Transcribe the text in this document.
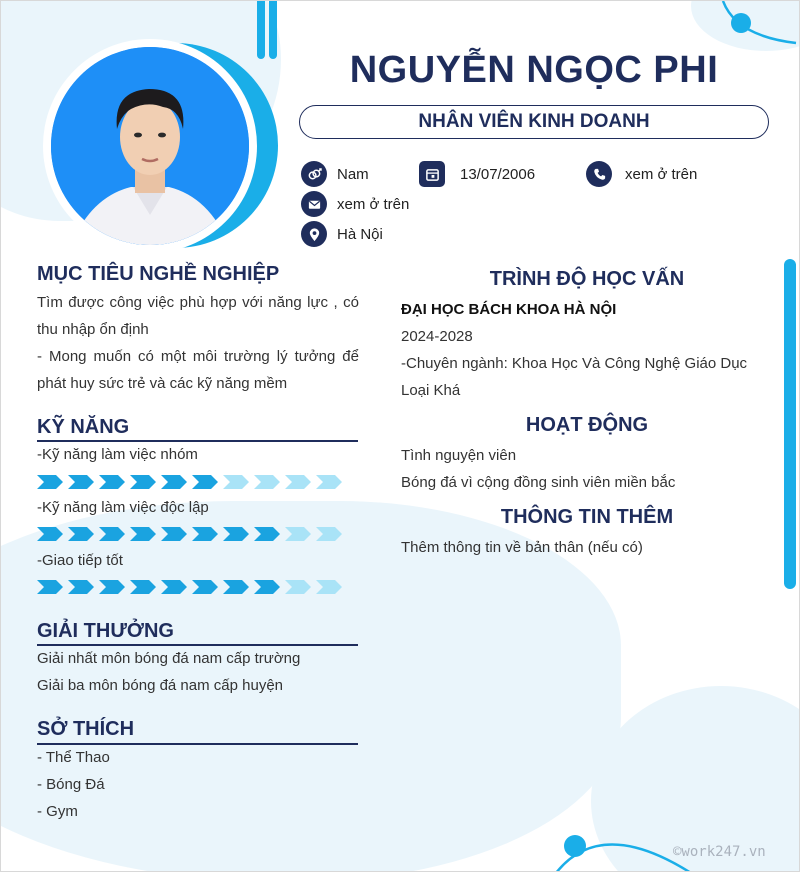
NGUYỄN NGỌC PHI
NHÂN VIÊN KINH DOANH
Nam	13/07/2006	xem ở trên
xem ở trên
Hà Nội
MỤC TIÊU NGHỀ NGHIỆP
Tìm được công việc phù hợp với năng lực , có thu nhập ổn định
- Mong muốn có một môi trường lý tưởng để phát huy sức trẻ và các kỹ năng mềm
KỸ NĂNG
-Kỹ năng làm việc nhóm
-Kỹ năng làm việc độc lập
-Giao tiếp tốt
GIẢI THƯỞNG
Giải nhất môn bóng đá nam cấp trường
Giải ba môn bóng đá nam cấp huyện
SỞ THÍCH
- Thể Thao
- Bóng Đá
- Gym
TRÌNH ĐỘ HỌC VẤN
ĐẠI HỌC BÁCH KHOA HÀ NỘI
2024-2028
-Chuyên ngành: Khoa Học Và Công Nghệ Giáo Dục
Loại Khá
HOẠT ĐỘNG
Tình nguyện viên
Bóng đá vì cộng đồng sinh viên miền bắc
THÔNG TIN THÊM
Thêm thông tin về bản thân (nếu có)
©work247.vn
